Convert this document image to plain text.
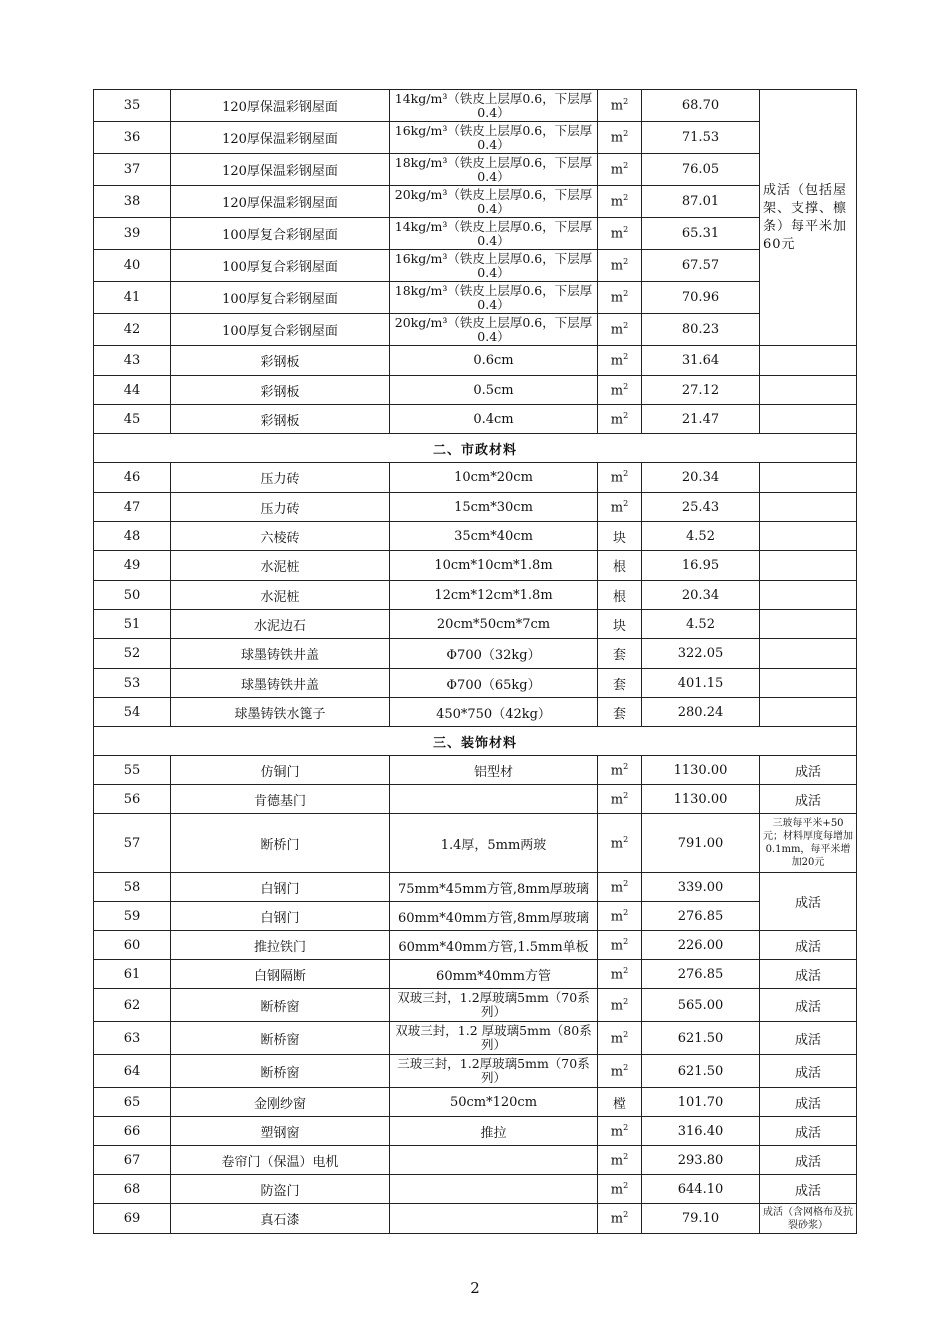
35	120厚保温彩钢屋面	14kg/m³（铁皮上层厚0.6，下层厚0.4）	$m^2$	68.70	成活（包括屋架、支撑、檩条）每平米加60元
36	120厚保温彩钢屋面	16kg/m³（铁皮上层厚0.6，下层厚0.4）	$m^2$	71.53	
37	120厚保温彩钢屋面	18kg/m³（铁皮上层厚0.6，下层厚0.4）	$m^2$	76.05	
38	120厚保温彩钢屋面	20kg/m³（铁皮上层厚0.6，下层厚0.4）	$m^2$	87.01	
39	100厚复合彩钢屋面	14kg/m³（铁皮上层厚0.6，下层厚0.4）	$m^2$	65.31	
40	100厚复合彩钢屋面	16kg/m³（铁皮上层厚0.6，下层厚0.4）	$m^2$	67.57	
41	100厚复合彩钢屋面	18kg/m³（铁皮上层厚0.6，下层厚0.4）	$m^2$	70.96	
42	100厚复合彩钢屋面	20kg/m³（铁皮上层厚0.6，下层厚0.4）	$m^2$	80.23	
43	彩钢板	0.6cm	$m^2$	31.64	
44	彩钢板	0.5cm	$m^2$	27.12	
45	彩钢板	0.4cm	$m^2$	21.47	
二、市政材料					
46	压力砖	10cm*20cm	$m^2$	20.34	
47	压力砖	15cm*30cm	$m^2$	25.43	
48	六棱砖	35cm*40cm	块	4.52	
49	水泥桩	10cm*10cm*1.8m	根	16.95	
50	水泥桩	12cm*12cm*1.8m	根	20.34	
51	水泥边石	20cm*50cm*7cm	块	4.52	
52	球墨铸铁井盖	Φ700（32kg）	套	322.05	
53	球墨铸铁井盖	Φ700（65kg）	套	401.15	
54	球墨铸铁水篦子	450*750（42kg）	套	280.24	
三、装饰材料					
55	仿铜门	铝型材	$m^2$	1130.00	成活
56	肯德基门		$m^2$	1130.00	成活
57	断桥门	1.4厚，5mm两玻	$m^2$	791.00	三玻每平米+50元；材料厚度每增加0.1mm，每平米增加20元
58	白钢门	75mm*45mm方管,8mm厚玻璃	$m^2$	339.00	成活
59	白钢门	60mm*40mm方管,8mm厚玻璃	$m^2$	276.85	
60	推拉铁门	60mm*40mm方管,1.5mm单板	$m^2$	226.00	成活
61	白钢隔断	60mm*40mm方管	$m^2$	276.85	成活
62	断桥窗	双玻三封，1.2厚玻璃5mm（70系列）	$m^2$	565.00	成活
63	断桥窗	双玻三封，1.2 厚玻璃5mm（80系列）	$m^2$	621.50	成活
64	断桥窗	三玻三封，1.2厚玻璃5mm（70系列）	$m^2$	621.50	成活
65	金刚纱窗	50cm*120cm	樘	101.70	成活
66	塑钢窗	推拉	$m^2$	316.40	成活
67	卷帘门（保温）电机		$m^2$	293.80	成活
68	防盗门		$m^2$	644.10	成活
69	真石漆		$m^2$	79.10	成活（含网格布及抗裂砂浆）
2
